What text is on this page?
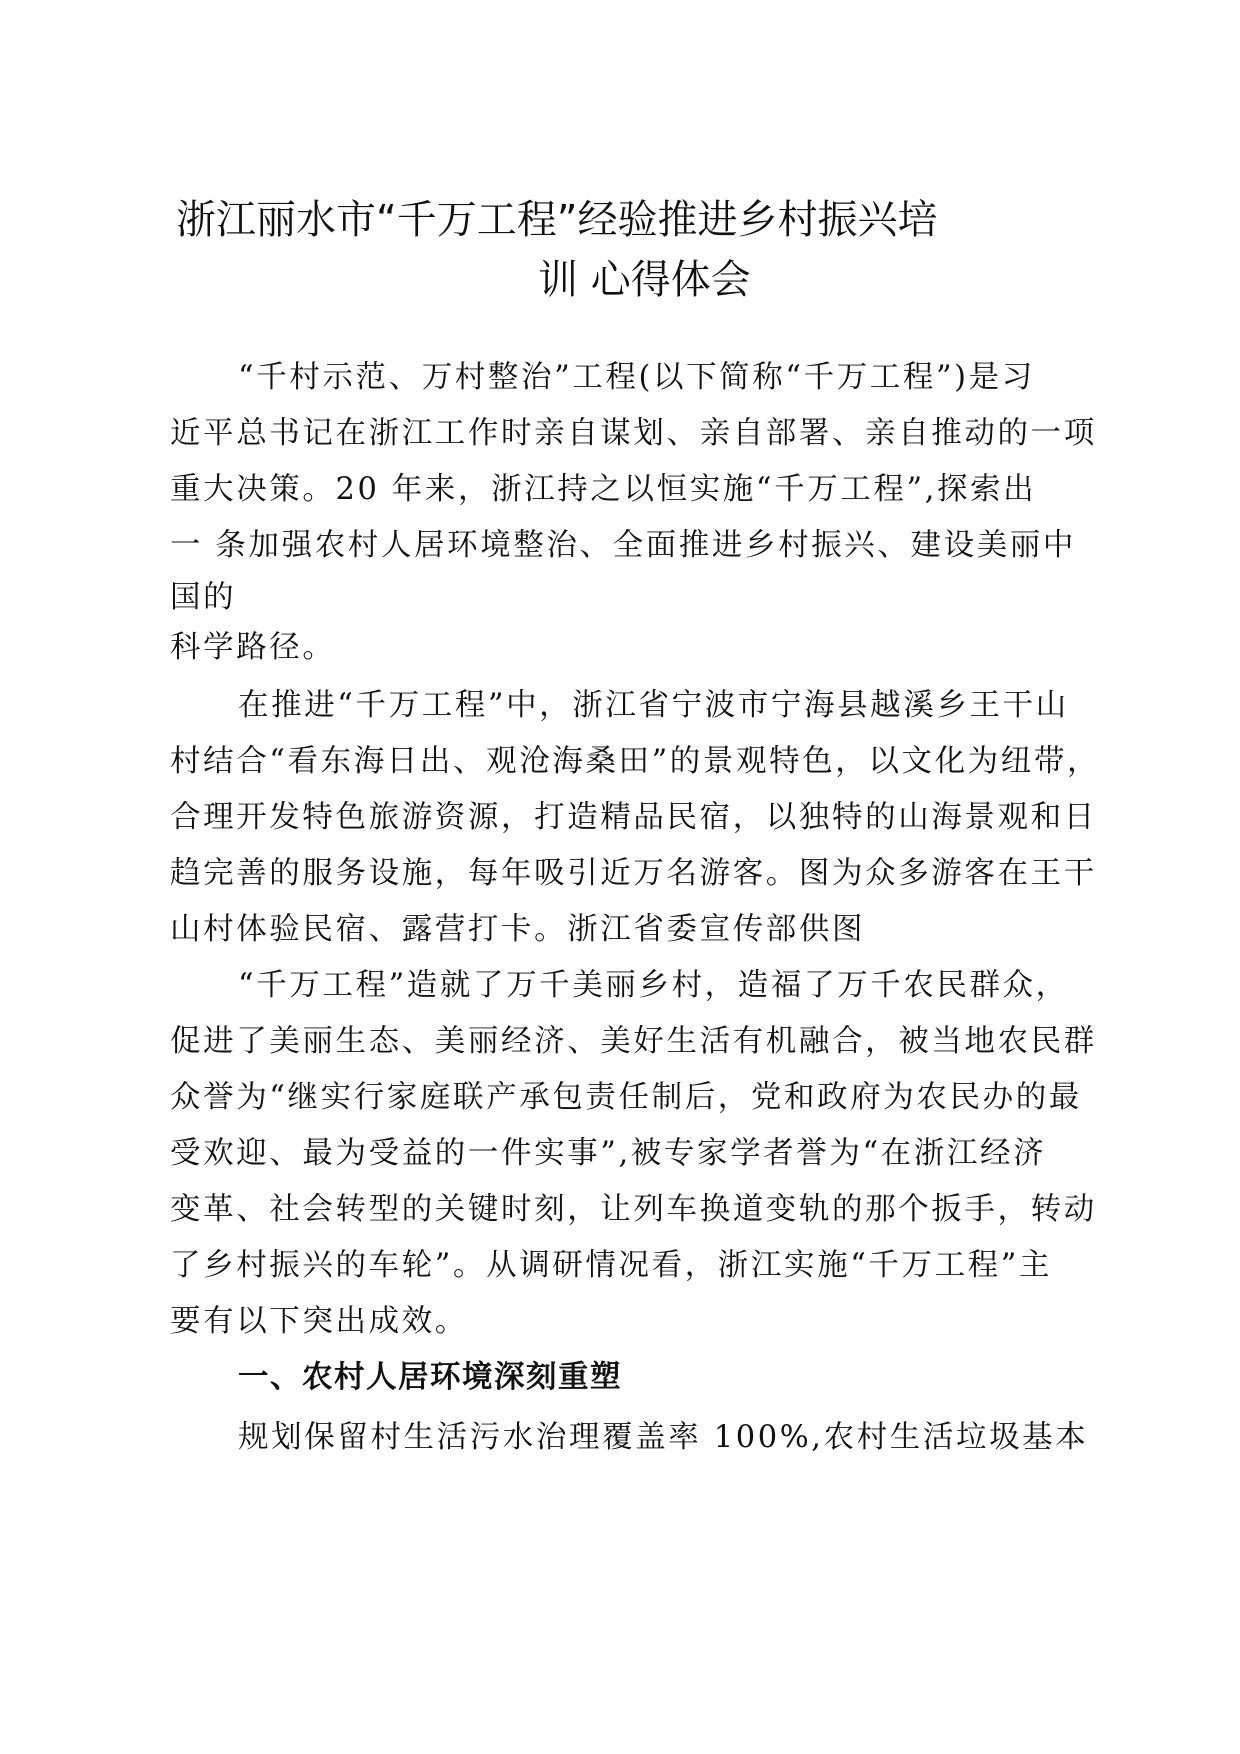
浙江丽水市“千万工程”经验推进乡村振兴培
训 心得体会
“千村示范、万村整治”工程(以下简称“千万工程”)是习
近平总书记在浙江工作时亲自谋划、亲自部署、亲自推动的一项
重大决策。20 年来，浙江持之以恒实施“千万工程”,探索出
一 条加强农村人居环境整治、全面推进乡村振兴、建设美丽中
国的
科学路径。
在推进“千万工程”中，浙江省宁波市宁海县越溪乡王干山
村结合“看东海日出、观沧海桑田”的景观特色，以文化为纽带，
合理开发特色旅游资源，打造精品民宿，以独特的山海景观和日
趋完善的服务设施，每年吸引近万名游客。图为众多游客在王干
山村体验民宿、露营打卡。浙江省委宣传部供图
“千万工程”造就了万千美丽乡村，造福了万千农民群众，
促进了美丽生态、美丽经济、美好生活有机融合，被当地农民群
众誉为“继实行家庭联产承包责任制后，党和政府为农民办的最
受欢迎、最为受益的一件实事”,被专家学者誉为“在浙江经济
变革、社会转型的关键时刻，让列车换道变轨的那个扳手，转动
了乡村振兴的车轮”。从调研情况看，浙江实施“千万工程”主
要有以下突出成效。
一、农村人居环境深刻重塑
规划保留村生活污水治理覆盖率 100%,农村生活垃圾基本
